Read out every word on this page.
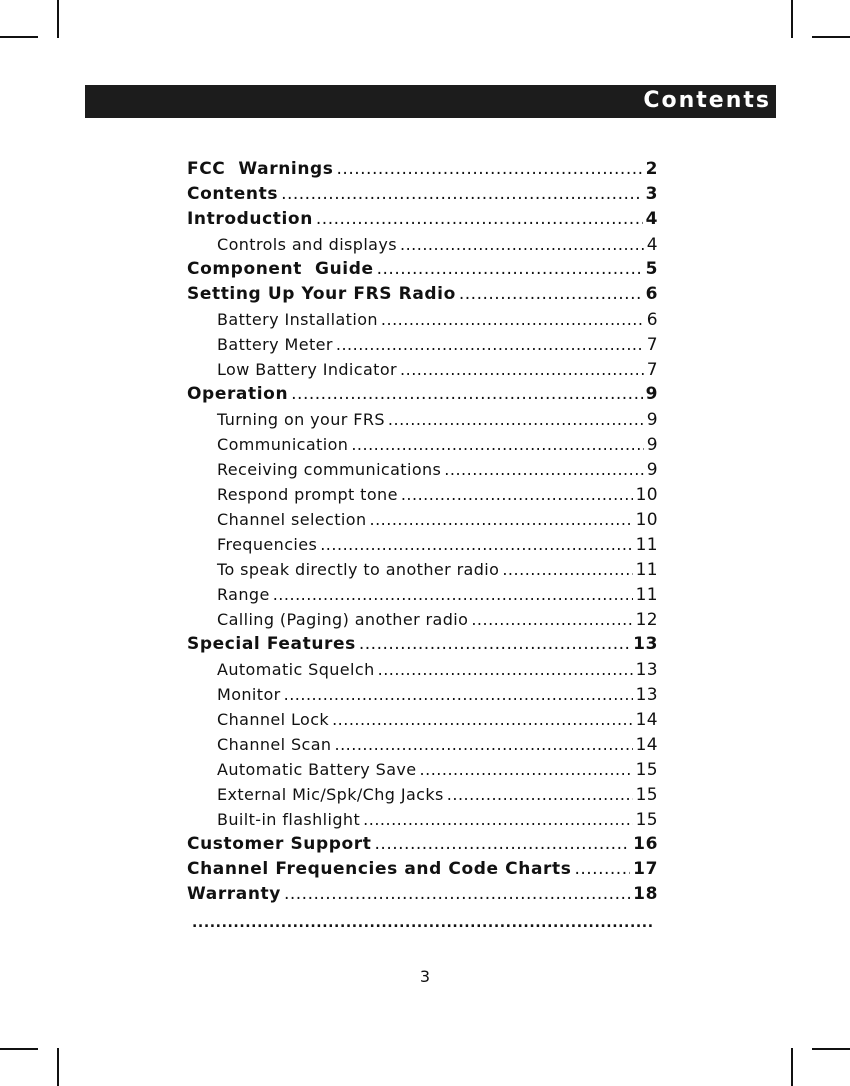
Contents
FCC  Warnings .....	2
Contents .....	3
Introduction .....	4
Controls and displays .....	4
Component  Guide .....	5
Setting Up Your FRS Radio .....	6
Battery Installation .....	6
Battery Meter .....	7
Low Battery Indicator .....	7
Operation .....	9
Turning on your FRS .....	9
Communication .....	9
Receiving communications .....	9
Respond prompt tone .....	10
Channel selection .....	10
Frequencies .....	11
To speak directly to another radio .....	11
Range .....	11
Calling (Paging) another radio .....	12
Special Features .....	13
Automatic Squelch .....	13
Monitor .....	13
Channel Lock .....	14
Channel Scan .....	14
Automatic Battery Save .....	15
External Mic/Spk/Chg Jacks .....	15
Built-in flashlight .....	15
Customer Support .....	16
Channel Frequencies and Code Charts .....	17
Warranty .....	18
.....
3
